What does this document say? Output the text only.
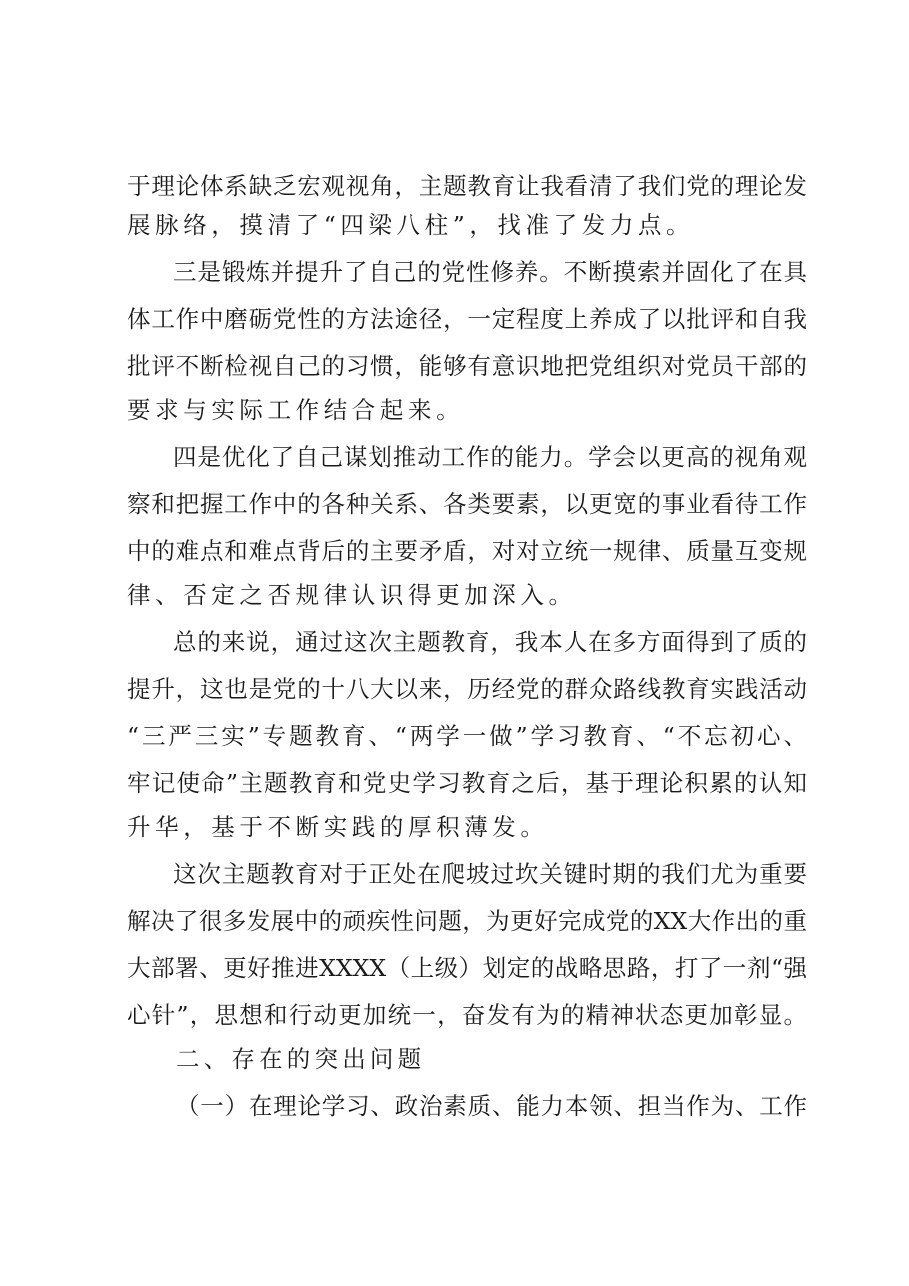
于理论体系缺乏宏观视角，主题教育让我看清了我们党的理论发
展脉络，摸清了“四梁八柱”，找准了发力点。
三是锻炼并提升了自己的党性修养。不断摸索并固化了在具
体工作中磨砺党性的方法途径，一定程度上养成了以批评和自我
批评不断检视自己的习惯，能够有意识地把党组织对党员干部的
要求与实际工作结合起来。
四是优化了自己谋划推动工作的能力。学会以更高的视角观
察和把握工作中的各种关系、各类要素，以更宽的事业看待工作
中的难点和难点背后的主要矛盾，对对立统一规律、质量互变规
律、否定之否规律认识得更加深入。
总的来说，通过这次主题教育，我本人在多方面得到了质的
提升，这也是党的十八大以来，历经党的群众路线教育实践活动
“三严三实”专题教育、“两学一做”学习教育、“不忘初心、
牢记使命”主题教育和党史学习教育之后，基于理论积累的认知
升华，基于不断实践的厚积薄发。
这次主题教育对于正处在爬坡过坎关键时期的我们尤为重要
解决了很多发展中的顽疾性问题，为更好完成党的XX大作出的重
大部署、更好推进XXXX（上级）划定的战略思路，打了一剂“强
心针”，思想和行动更加统一，奋发有为的精神状态更加彰显。
二、存在的突出问题
（一）在理论学习、政治素质、能力本领、担当作为、工作
